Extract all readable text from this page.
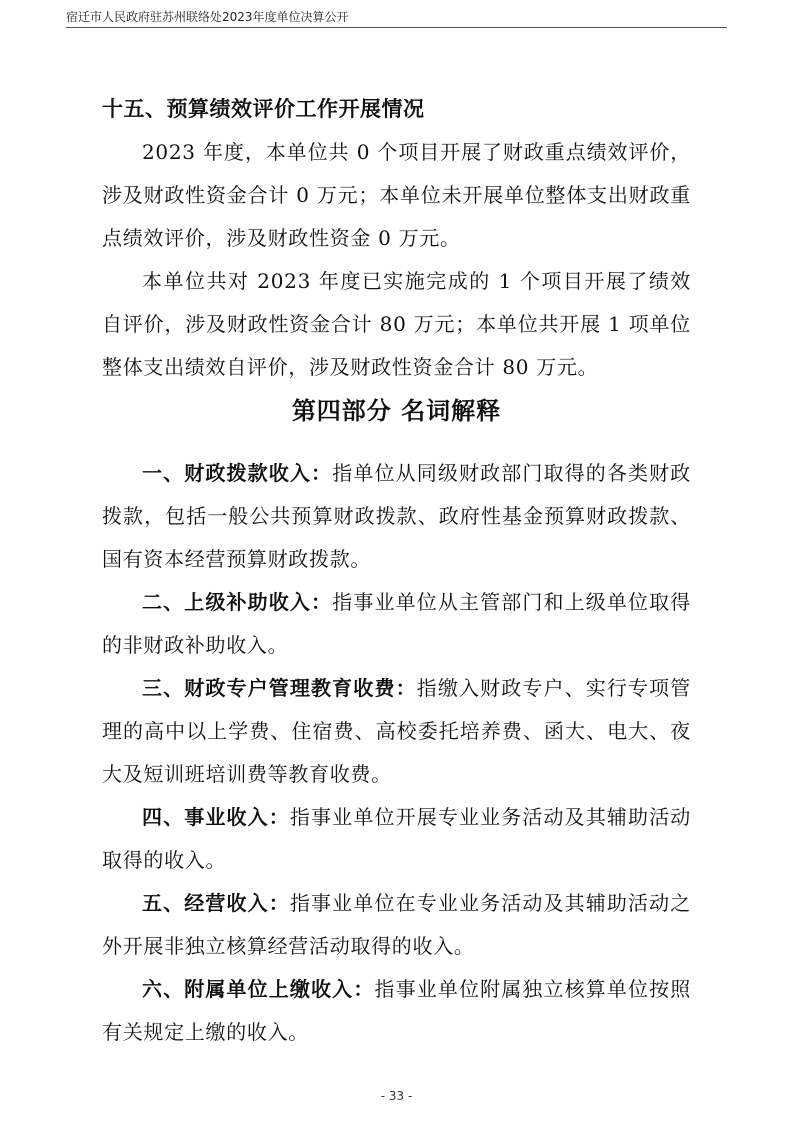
宿迁市人民政府驻苏州联络处2023年度单位决算公开
十五、预算绩效评价工作开展情况
2023 年度，本单位共 0 个项目开展了财政重点绩效评价，涉及财政性资金合计 0 万元；本单位未开展单位整体支出财政重点绩效评价，涉及财政性资金 0 万元。
本单位共对 2023 年度已实施完成的 1 个项目开展了绩效自评价，涉及财政性资金合计 80 万元；本单位共开展 1 项单位整体支出绩效自评价，涉及财政性资金合计 80 万元。
第四部分 名词解释
一、财政拨款收入：指单位从同级财政部门取得的各类财政拨款，包括一般公共预算财政拨款、政府性基金预算财政拨款、国有资本经营预算财政拨款。
二、上级补助收入：指事业单位从主管部门和上级单位取得的非财政补助收入。
三、财政专户管理教育收费：指缴入财政专户、实行专项管理的高中以上学费、住宿费、高校委托培养费、函大、电大、夜大及短训班培训费等教育收费。
四、事业收入：指事业单位开展专业业务活动及其辅助活动取得的收入。
五、经营收入：指事业单位在专业业务活动及其辅助活动之外开展非独立核算经营活动取得的收入。
六、附属单位上缴收入：指事业单位附属独立核算单位按照有关规定上缴的收入。
- 33 -
